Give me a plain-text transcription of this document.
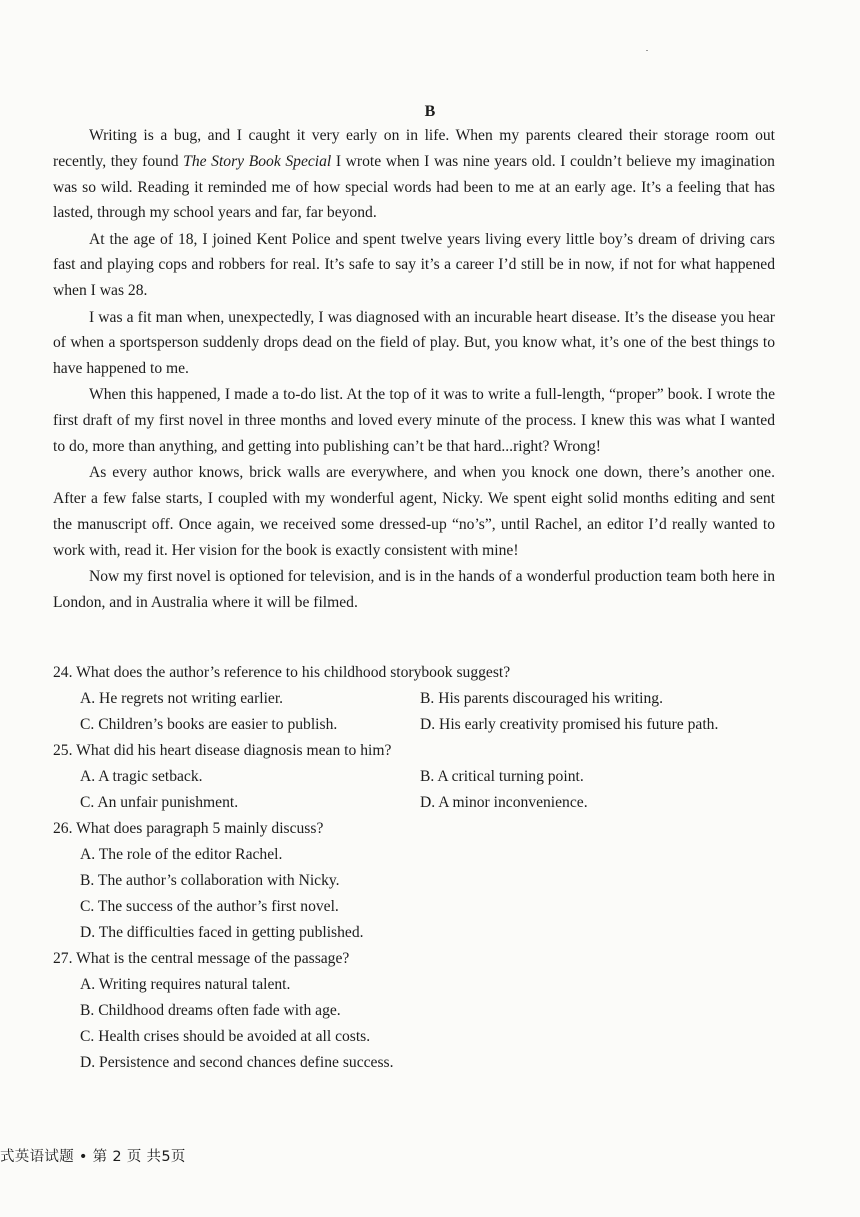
B

Writing is a bug, and I caught it very early on in life. When my parents cleared their storage room out recently, they found The Story Book Special I wrote when I was nine years old. I couldn’t believe my imagination was so wild. Reading it reminded me of how special words had been to me at an early age. It’s a feeling that has lasted, through my school years and far, far beyond.

At the age of 18, I joined Kent Police and spent twelve years living every little boy’s dream of driving cars fast and playing cops and robbers for real. It’s safe to say it’s a career I’d still be in now, if not for what happened when I was 28.

I was a fit man when, unexpectedly, I was diagnosed with an incurable heart disease. It’s the disease you hear of when a sportsperson suddenly drops dead on the field of play. But, you know what, it’s one of the best things to have happened to me.

When this happened, I made a to-do list. At the top of it was to write a full-length, “proper” book. I wrote the first draft of my first novel in three months and loved every minute of the process. I knew this was what I wanted to do, more than anything, and getting into publishing can’t be that hard...right? Wrong!

As every author knows, brick walls are everywhere, and when you knock one down, there’s another one. After a few false starts, I coupled with my wonderful agent, Nicky. We spent eight solid months editing and sent the manuscript off. Once again, we received some dressed-up “no’s”, until Rachel, an editor I’d really wanted to work with, read it. Her vision for the book is exactly consistent with mine!

Now my first novel is optioned for television, and is in the hands of a wonderful production team both here in London, and in Australia where it will be filmed.

24. What does the author’s reference to his childhood storybook suggest?

A. He regrets not writing earlier.	B. His parents discouraged his writing.
C. Children’s books are easier to publish.	D. His early creativity promised his future path.

25. What did his heart disease diagnosis mean to him?

A. A tragic setback.	B. A critical turning point.
C. An unfair punishment.	D. A minor inconvenience.

26. What does paragraph 5 mainly discuss?

A. The role of the editor Rachel.
B. The author’s collaboration with Nicky.
C. The success of the author’s first novel.
D. The difficulties faced in getting published.

27. What is the central message of the passage?

A. Writing requires natural talent.
B. Childhood dreams often fade with age.
C. Health crises should be avoided at all costs.
D. Persistence and second chances define success.
式英语试题 • 第 2 页 共5页
